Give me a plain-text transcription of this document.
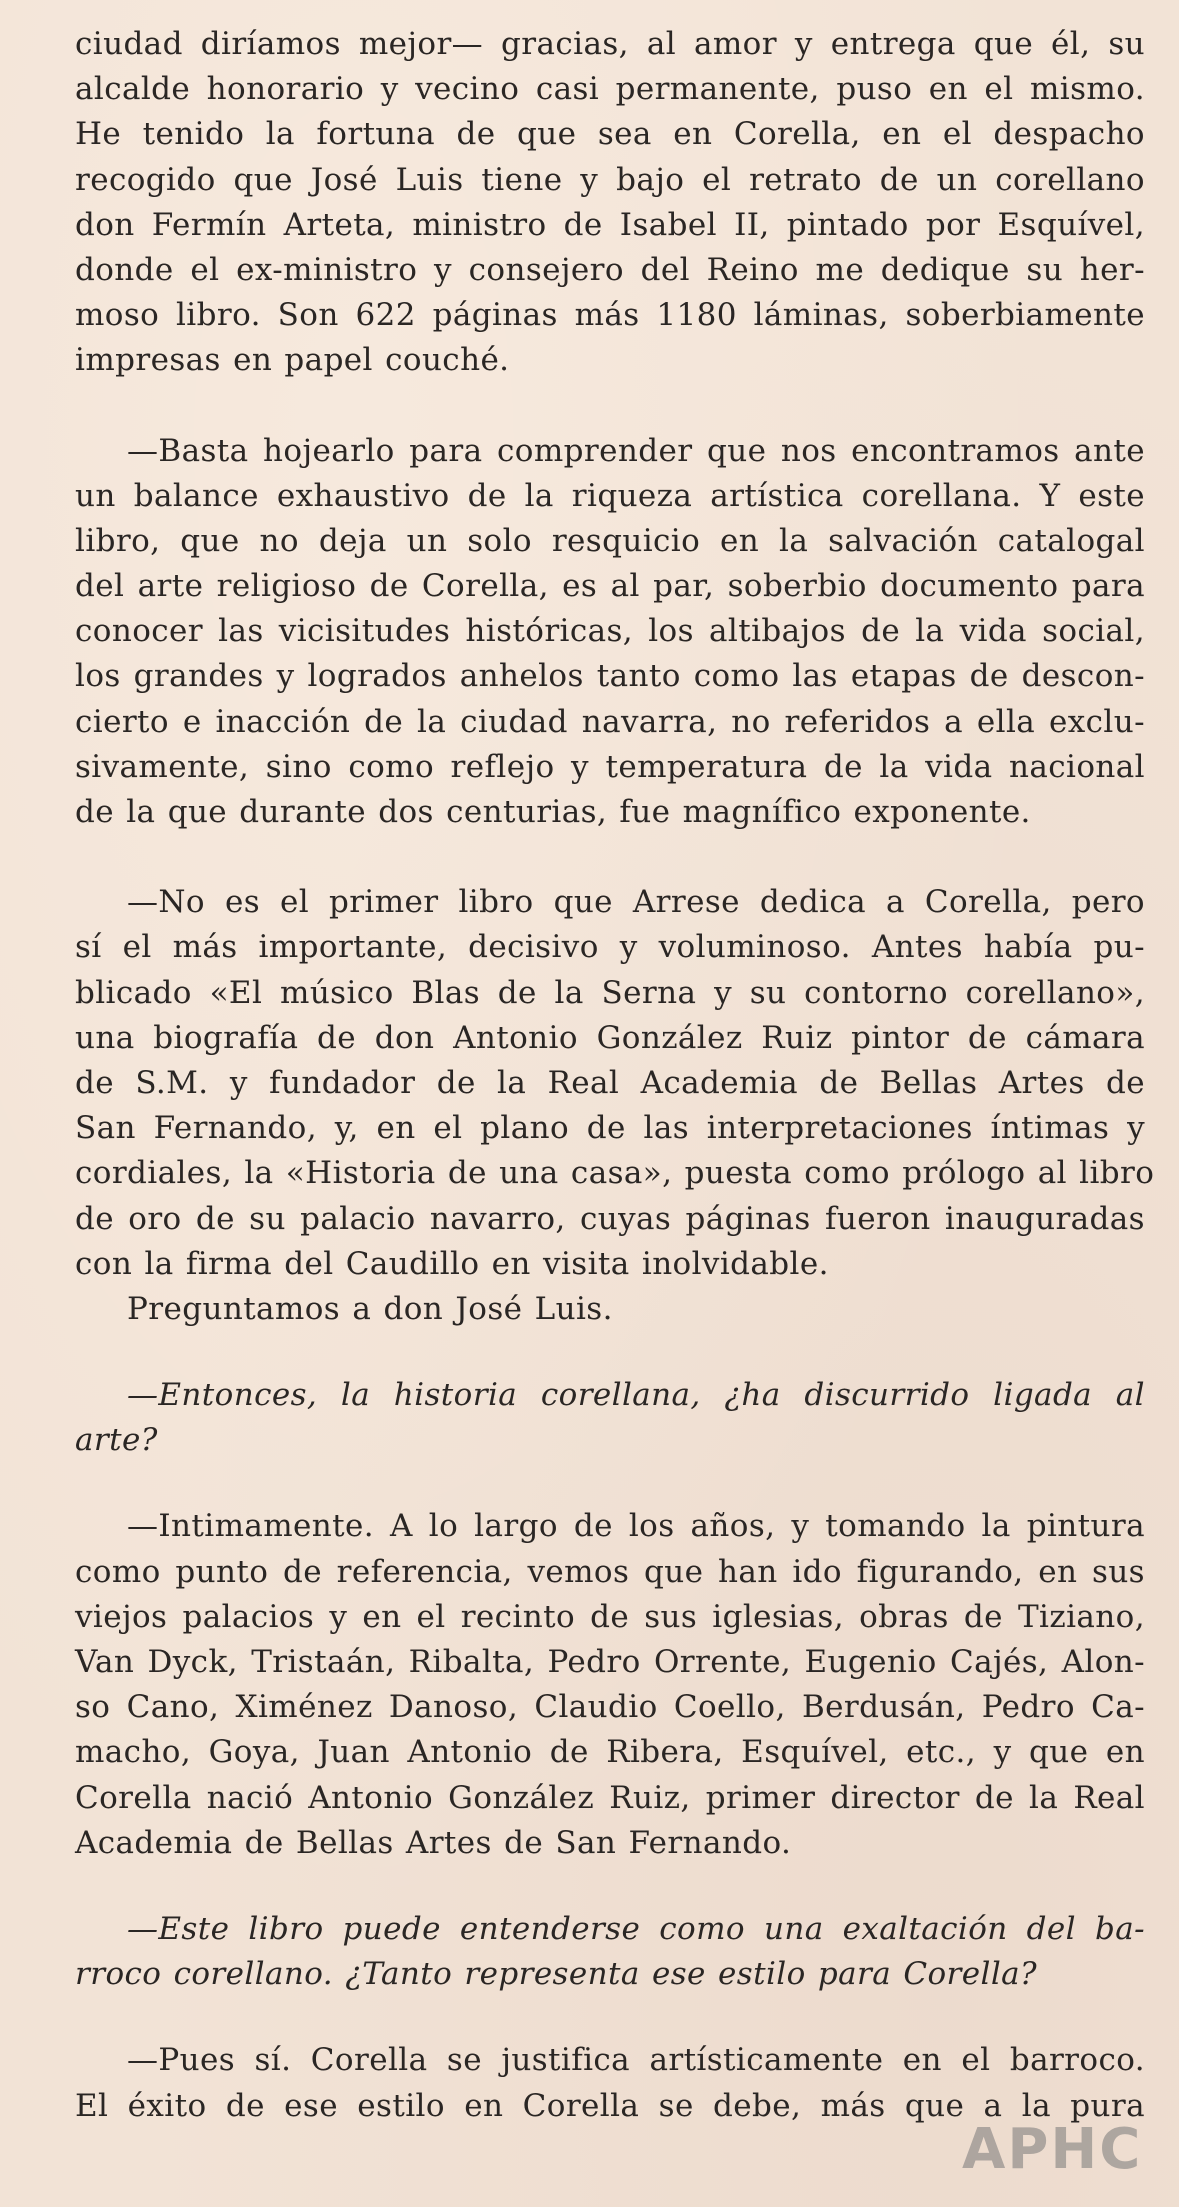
ciudad diríamos mejor— gracias, al amor y entrega que él, su
alcalde honorario y vecino casi permanente, puso en el mismo.
He tenido la fortuna de que sea en Corella, en el despacho
recogido que José Luis tiene y bajo el retrato de un corellano
don Fermín Arteta, ministro de Isabel II, pintado por Esquível,
donde el ex-ministro y consejero del Reino me dedique su her-
moso libro. Son 622 páginas más 1180 láminas, soberbiamente
impresas en papel couché.
—Basta hojearlo para comprender que nos encontramos ante
un balance exhaustivo de la riqueza artística corellana. Y este
libro, que no deja un solo resquicio en la salvación catalogal
del arte religioso de Corella, es al par, soberbio documento para
conocer las vicisitudes históricas, los altibajos de la vida social,
los grandes y logrados anhelos tanto como las etapas de descon-
cierto e inacción de la ciudad navarra, no referidos a ella exclu-
sivamente, sino como reflejo y temperatura de la vida nacional
de la que durante dos centurias, fue magnífico exponente.
—No es el primer libro que Arrese dedica a Corella, pero
sí el más importante, decisivo y voluminoso. Antes había pu-
blicado «El músico Blas de la Serna y su contorno corellano»,
una biografía de don Antonio González Ruiz pintor de cámara
de S.M. y fundador de la Real Academia de Bellas Artes de
San Fernando, y, en el plano de las interpretaciones íntimas y
cordiales, la «Historia de una casa», puesta como prólogo al libro
de oro de su palacio navarro, cuyas páginas fueron inauguradas
con la firma del Caudillo en visita inolvidable.
Preguntamos a don José Luis.
—Entonces, la historia corellana, ¿ha discurrido ligada al
arte?
—Intimamente. A lo largo de los años, y tomando la pintura
como punto de referencia, vemos que han ido figurando, en sus
viejos palacios y en el recinto de sus iglesias, obras de Tiziano,
Van Dyck, Tristaán, Ribalta, Pedro Orrente, Eugenio Cajés, Alon-
so Cano, Ximénez Danoso, Claudio Coello, Berdusán, Pedro Ca-
macho, Goya, Juan Antonio de Ribera, Esquível, etc., y que en
Corella nació Antonio González Ruiz, primer director de la Real
Academia de Bellas Artes de San Fernando.
—Este libro puede entenderse como una exaltación del ba-
rroco corellano. ¿Tanto representa ese estilo para Corella?
—Pues sí. Corella se justifica artísticamente en el barroco.
El éxito de ese estilo en Corella se debe, más que a la pura
APHC
